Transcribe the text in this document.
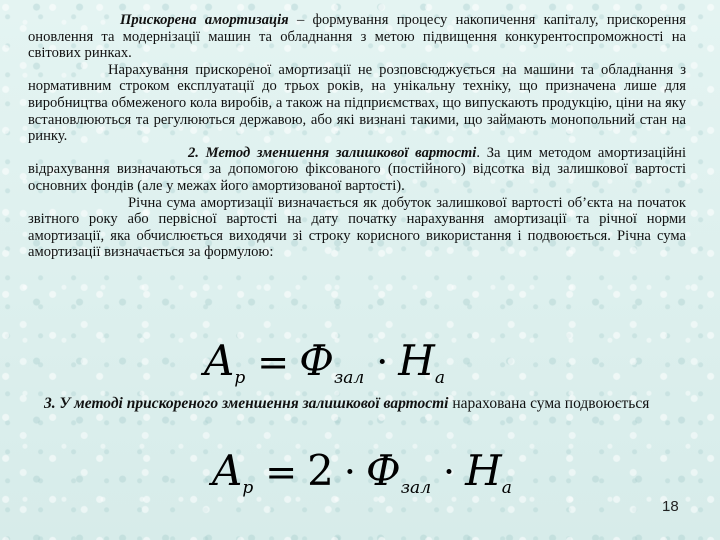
Прискорена амортизація – формування процесу накопичення капіталу, прискорення оновлення та модернізації машин та обладнання з метою підвищення конкурентоспроможності на світових ринках.

Нарахування прискореної амортизації не розповсюджується на машини та обладнання з нормативним строком експлуатації до трьох років, на унікальну техніку, що призначена лише для виробництва обмеженого кола виробів, а також на підприємствах, що випускають продукцію, ціни на яку встановлюються та регулюються державою, або які визнані такими, що займають монопольний стан на ринку.

2. Метод зменшення залишкової вартості. За цим методом амортизаційні відрахування визначаються за допомогою фіксованого (постійного) відсотка від залишкової вартості основних фондів (але у межах його амортизованої вартості).

Річна сума амортизації визначається як добуток залишкової вартості об’єкта на початок звітного року або первісної вартості на дату початку нарахування амортизації та річної норми амортизації, яка обчислюється виходячи зі строку корисного використання і подвоюється. Річна сума амортизації визначається за формулою:

Ap = Фзал · На

3. У методі прискореного зменшення залишкової вартості нарахована сума подвоюється

Ap = 2 · Фзал · На
18
